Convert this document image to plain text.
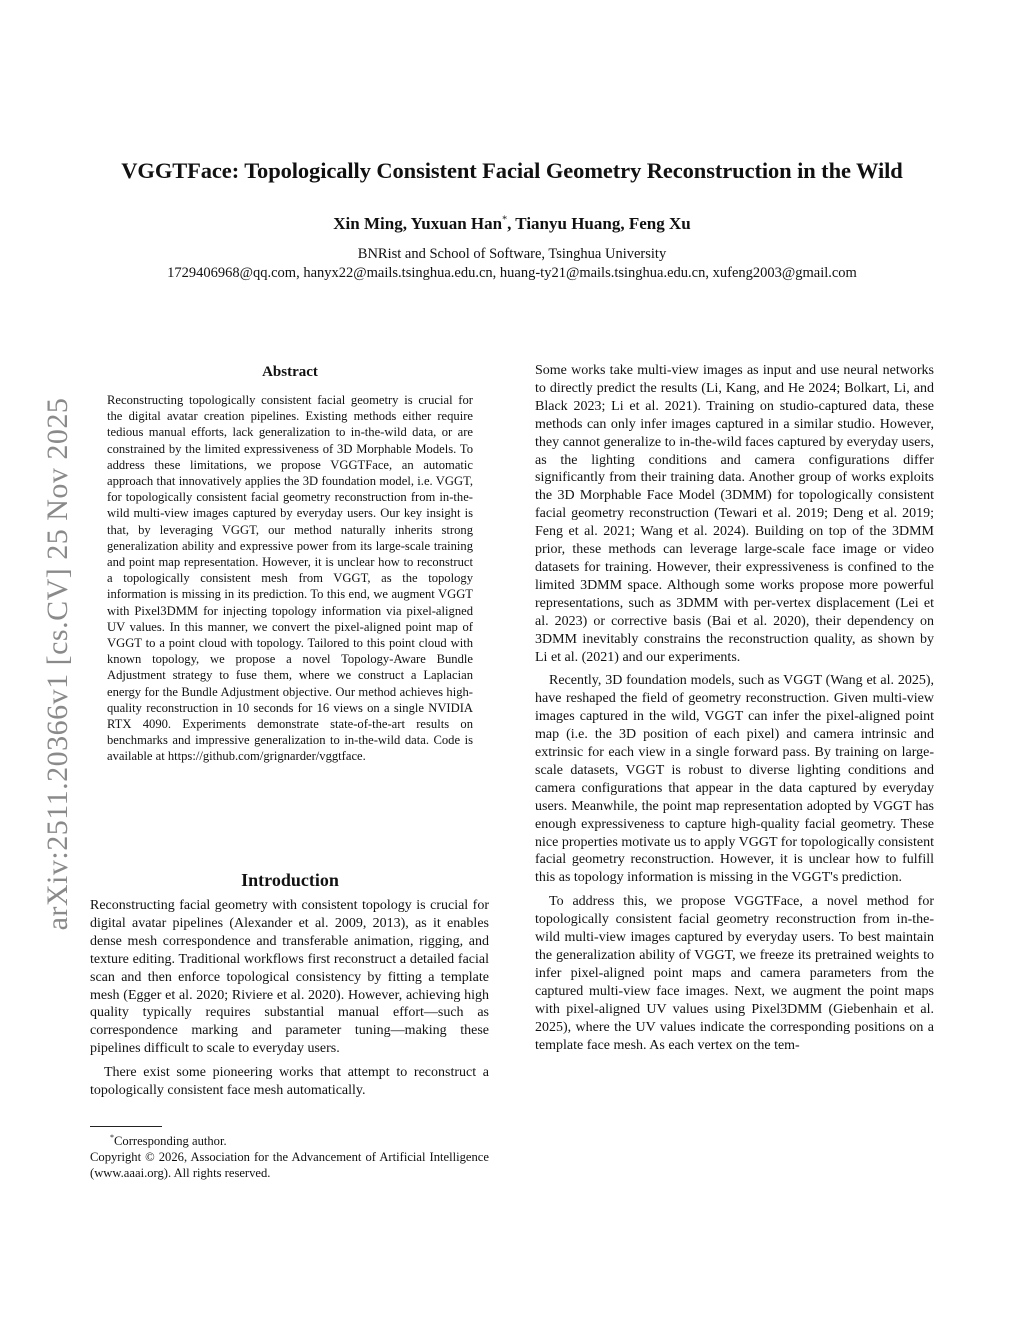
VGGTFace: Topologically Consistent Facial Geometry Reconstruction in the Wild
Xin Ming, Yuxuan Han*, Tianyu Huang, Feng Xu
BNRist and School of Software, Tsinghua University
1729406968@qq.com, hanyx22@mails.tsinghua.edu.cn, huang-ty21@mails.tsinghua.edu.cn, xufeng2003@gmail.com
arXiv:2511.20366v1 [cs.CV] 25 Nov 2025
Abstract
Reconstructing topologically consistent facial geometry is crucial for the digital avatar creation pipelines. Existing methods either require tedious manual efforts, lack generalization to in-the-wild data, or are constrained by the limited expressiveness of 3D Morphable Models. To address these limitations, we propose VGGTFace, an automatic approach that innovatively applies the 3D foundation model, i.e. VGGT, for topologically consistent facial geometry reconstruction from in-the-wild multi-view images captured by everyday users. Our key insight is that, by leveraging VGGT, our method naturally inherits strong generalization ability and expressive power from its large-scale training and point map representation. However, it is unclear how to reconstruct a topologically consistent mesh from VGGT, as the topology information is missing in its prediction. To this end, we augment VGGT with Pixel3DMM for injecting topology information via pixel-aligned UV values. In this manner, we convert the pixel-aligned point map of VGGT to a point cloud with topology. Tailored to this point cloud with known topology, we propose a novel Topology-Aware Bundle Adjustment strategy to fuse them, where we construct a Laplacian energy for the Bundle Adjustment objective. Our method achieves high-quality reconstruction in 10 seconds for 16 views on a single NVIDIA RTX 4090. Experiments demonstrate state-of-the-art results on benchmarks and impressive generalization to in-the-wild data. Code is available at https://github.com/grignarder/vggtface.
Introduction

Reconstructing facial geometry with consistent topology is crucial for digital avatar pipelines (Alexander et al. 2009, 2013), as it enables dense mesh correspondence and transferable animation, rigging, and texture editing. Traditional workflows first reconstruct a detailed facial scan and then enforce topological consistency by fitting a template mesh (Egger et al. 2020; Riviere et al. 2020). However, achieving high quality typically requires substantial manual effort—such as correspondence marking and parameter tuning—making these pipelines difficult to scale to everyday users.

There exist some pioneering works that attempt to reconstruct a topologically consistent face mesh automatically.

*Corresponding author.
Copyright © 2026, Association for the Advancement of Artificial Intelligence (www.aaai.org). All rights reserved.

Some works take multi-view images as input and use neural networks to directly predict the results (Li, Kang, and He 2024; Bolkart, Li, and Black 2023; Li et al. 2021). Training on studio-captured data, these methods can only infer images captured in a similar studio. However, they cannot generalize to in-the-wild faces captured by everyday users, as the lighting conditions and camera configurations differ significantly from their training data. Another group of works exploits the 3D Morphable Face Model (3DMM) for topologically consistent facial geometry reconstruction (Tewari et al. 2019; Deng et al. 2019; Feng et al. 2021; Wang et al. 2024). Building on top of the 3DMM prior, these methods can leverage large-scale face image or video datasets for training. However, their expressiveness is confined to the limited 3DMM space. Although some works propose more powerful representations, such as 3DMM with per-vertex displacement (Lei et al. 2023) or corrective basis (Bai et al. 2020), their dependency on 3DMM inevitably constrains the reconstruction quality, as shown by Li et al. (2021) and our experiments.

Recently, 3D foundation models, such as VGGT (Wang et al. 2025), have reshaped the field of geometry reconstruction. Given multi-view images captured in the wild, VGGT can infer the pixel-aligned point map (i.e. the 3D position of each pixel) and camera intrinsic and extrinsic for each view in a single forward pass. By training on large-scale datasets, VGGT is robust to diverse lighting conditions and camera configurations that appear in the data captured by everyday users. Meanwhile, the point map representation adopted by VGGT has enough expressiveness to capture high-quality facial geometry. These nice properties motivate us to apply VGGT for topologically consistent facial geometry reconstruction. However, it is unclear how to fulfill this as topology information is missing in the VGGT's prediction.

To address this, we propose VGGTFace, a novel method for topologically consistent facial geometry reconstruction from in-the-wild multi-view images captured by everyday users. To best maintain the generalization ability of VGGT, we freeze its pretrained weights to infer pixel-aligned point maps and camera parameters from the captured multi-view face images. Next, we augment the point maps with pixel-aligned UV values using Pixel3DMM (Giebenhain et al. 2025), where the UV values indicate the corresponding positions on a template face mesh. As each vertex on the tem-
